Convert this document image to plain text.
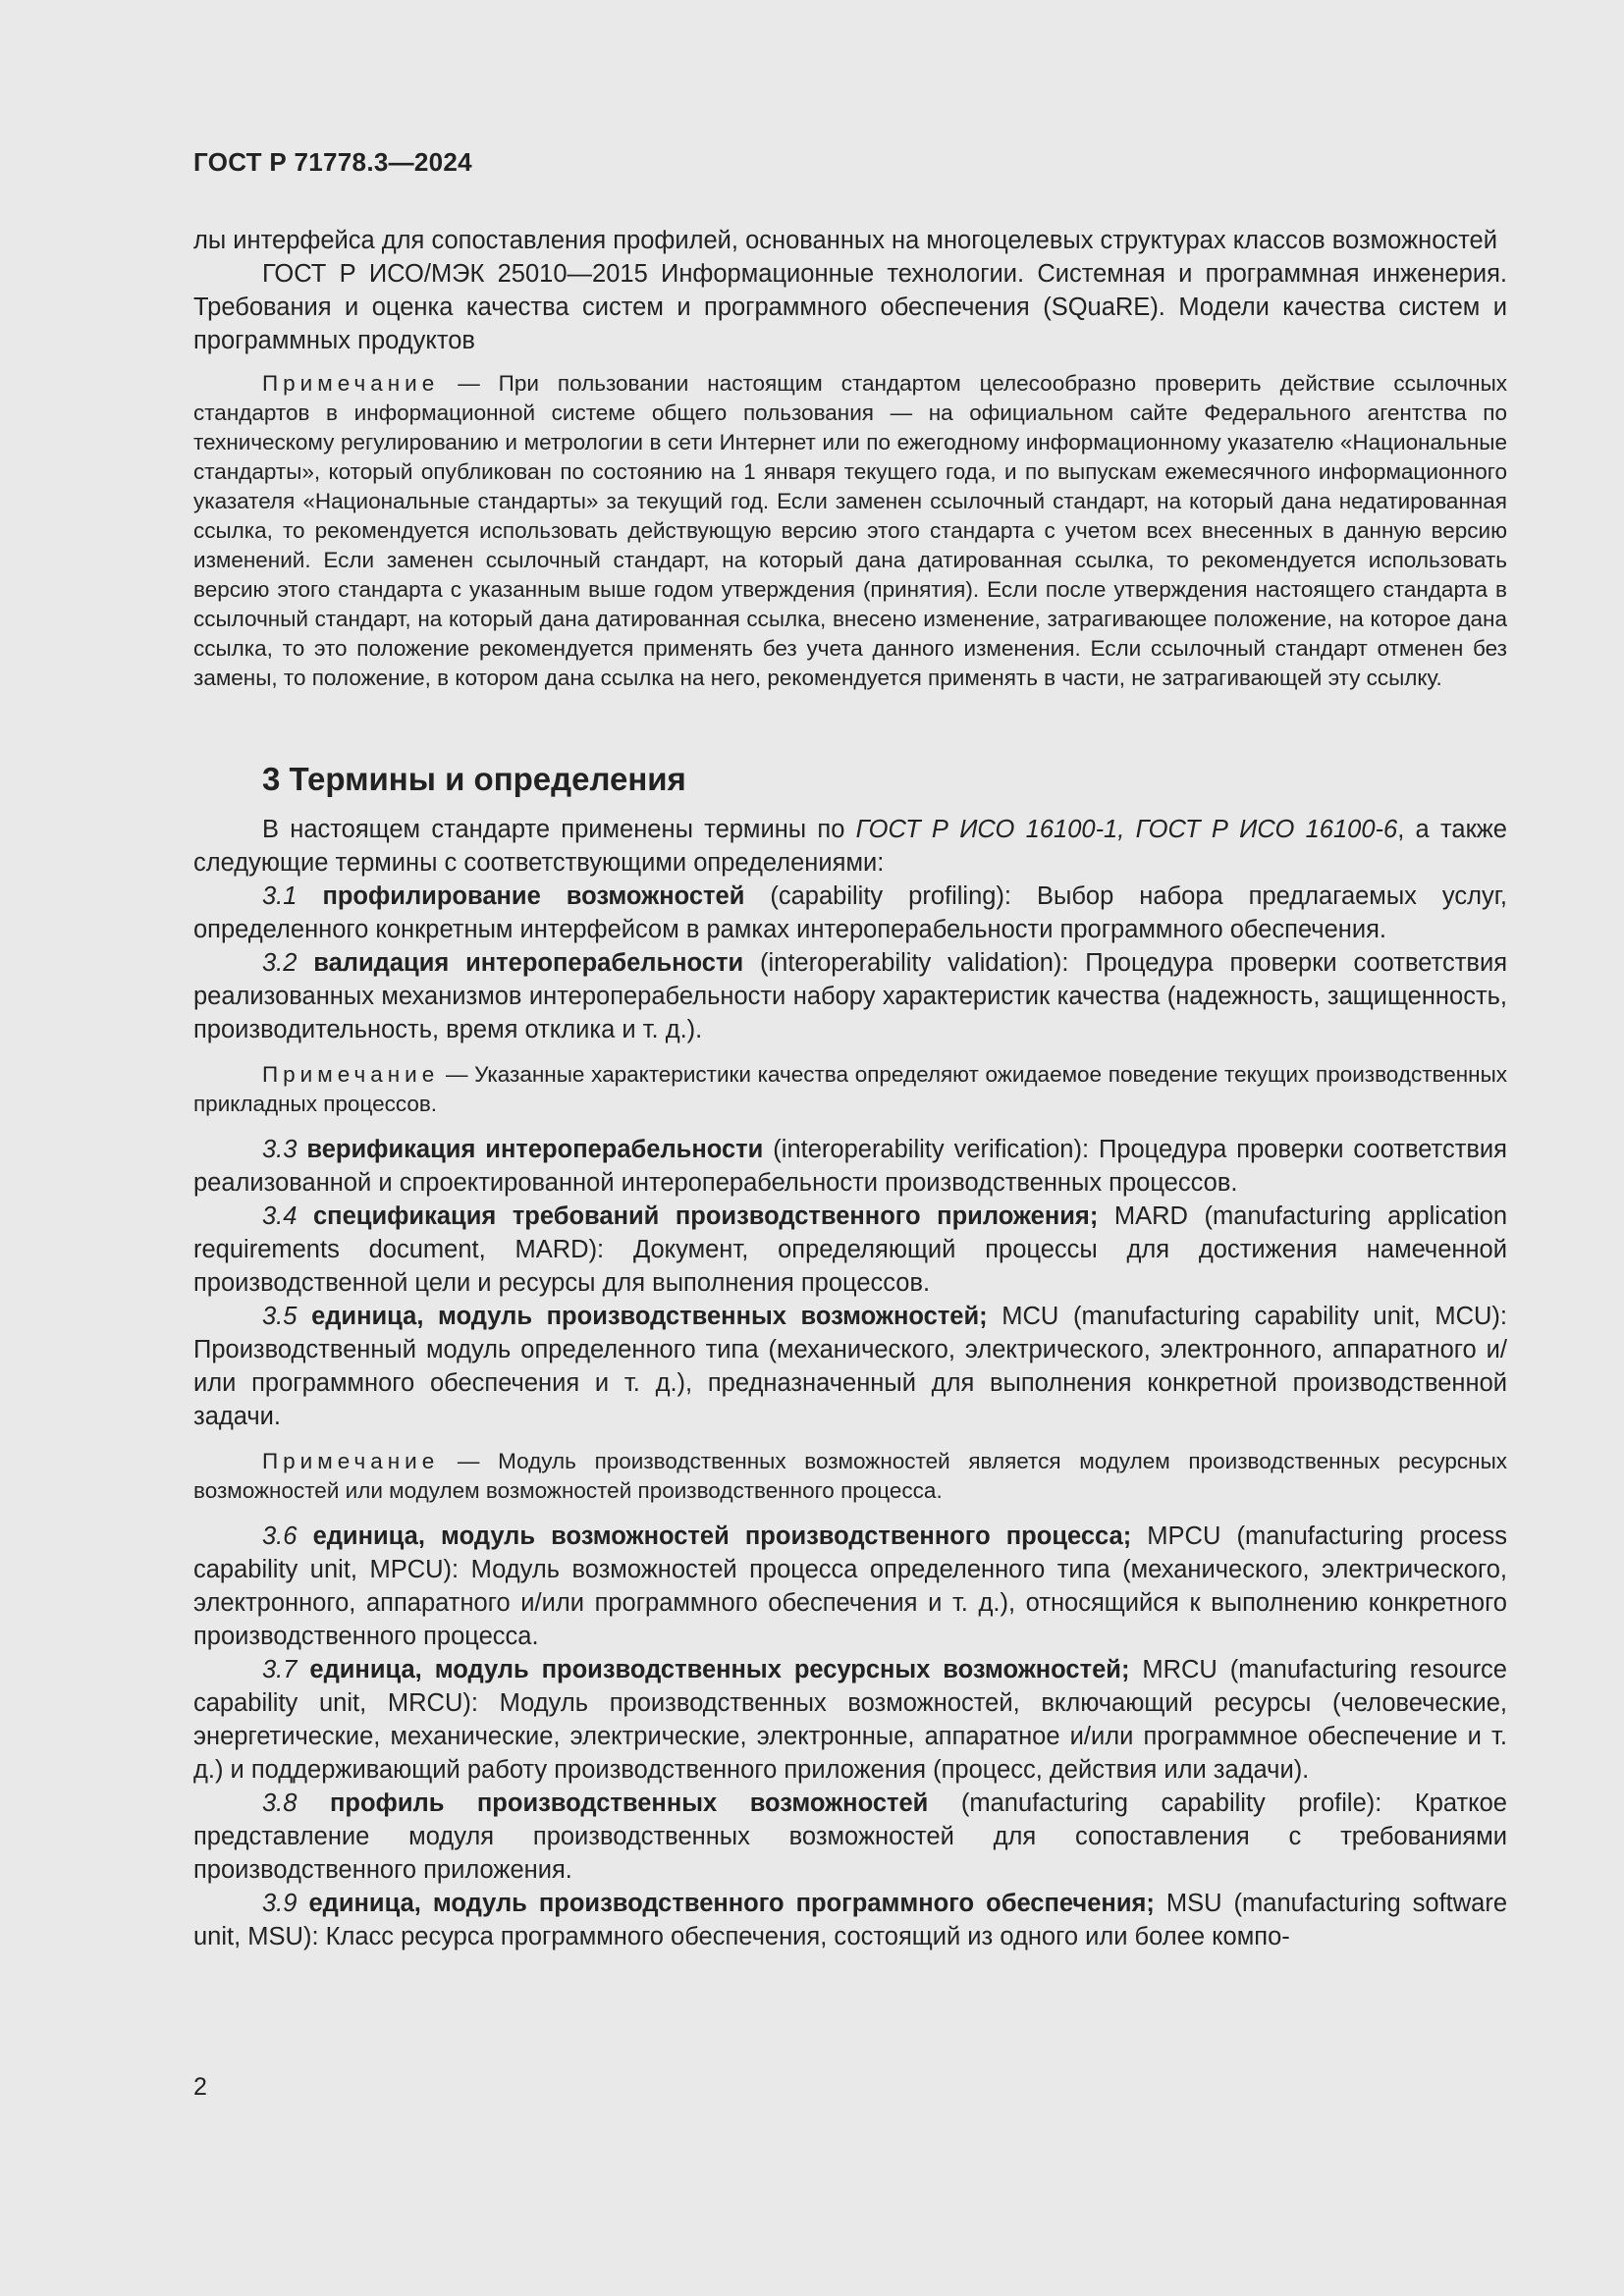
ГОСТ Р 71778.3—2024

лы интерфейса для сопоставления профилей, основанных на многоцелевых структурах классов возможностей

ГОСТ Р ИСО/МЭК 25010—2015 Информационные технологии. Системная и программная инженерия. Требования и оценка качества систем и программного обеспечения (SQuaRE). Модели качества систем и программных продуктов

Примечание — При пользовании настоящим стандартом целесообразно проверить действие ссылочных стандартов в информационной системе общего пользования — на официальном сайте Федерального агентства по техническому регулированию и метрологии в сети Интернет или по ежегодному информационному указателю «Национальные стандарты», который опубликован по состоянию на 1 января текущего года, и по выпускам ежемесячного информационного указателя «Национальные стандарты» за текущий год. Если заменен ссылочный стандарт, на который дана недатированная ссылка, то рекомендуется использовать действующую версию этого стандарта с учетом всех внесенных в данную версию изменений. Если заменен ссылочный стандарт, на который дана датированная ссылка, то рекомендуется использовать версию этого стандарта с указанным выше годом утверждения (принятия). Если после утверждения настоящего стандарта в ссылочный стандарт, на который дана датированная ссылка, внесено изменение, затрагивающее положение, на которое дана ссылка, то это положение рекомендуется применять без учета данного изменения. Если ссылочный стандарт отменен без замены, то положение, в котором дана ссылка на него, рекомендуется применять в части, не затрагивающей эту ссылку.

3 Термины и определения

В настоящем стандарте применены термины по ГОСТ Р ИСО 16100-1, ГОСТ Р ИСО 16100-6, а также следующие термины с соответствующими определениями:

3.1 профилирование возможностей (capability profiling): Выбор набора предлагаемых услуг, определенного конкретным интерфейсом в рамках интероперабельности программного обеспечения.

3.2 валидация интероперабельности (interoperability validation): Процедура проверки соответствия реализованных механизмов интероперабельности набору характеристик качества (надежность, защищенность, производительность, время отклика и т. д.).

Примечание — Указанные характеристики качества определяют ожидаемое поведение текущих производственных прикладных процессов.

3.3 верификация интероперабельности (interoperability verification): Процедура проверки соответствия реализованной и спроектированной интероперабельности производственных процессов.

3.4 спецификация требований производственного приложения; MARD (manufacturing application requirements document, MARD): Документ, определяющий процессы для достижения намеченной производственной цели и ресурсы для выполнения процессов.

3.5 единица, модуль производственных возможностей; MCU (manufacturing capability unit, MCU): Производственный модуль определенного типа (механического, электрического, электронного, аппаратного и/или программного обеспечения и т. д.), предназначенный для выполнения конкретной производственной задачи.

Примечание — Модуль производственных возможностей является модулем производственных ресурсных возможностей или модулем возможностей производственного процесса.

3.6 единица, модуль возможностей производственного процесса; MPCU (manufacturing process capability unit, MPCU): Модуль возможностей процесса определенного типа (механического, электрического, электронного, аппаратного и/или программного обеспечения и т. д.), относящийся к выполнению конкретного производственного процесса.

3.7 единица, модуль производственных ресурсных возможностей; MRCU (manufacturing resource capability unit, MRCU): Модуль производственных возможностей, включающий ресурсы (человеческие, энергетические, механические, электрические, электронные, аппаратное и/или программное обеспечение и т. д.) и поддерживающий работу производственного приложения (процесс, действия или задачи).

3.8 профиль производственных возможностей (manufacturing capability profile): Краткое представление модуля производственных возможностей для сопоставления с требованиями производственного приложения.

3.9 единица, модуль производственного программного обеспечения; MSU (manufacturing software unit, MSU): Класс ресурса программного обеспечения, состоящий из одного или более компо-

2
